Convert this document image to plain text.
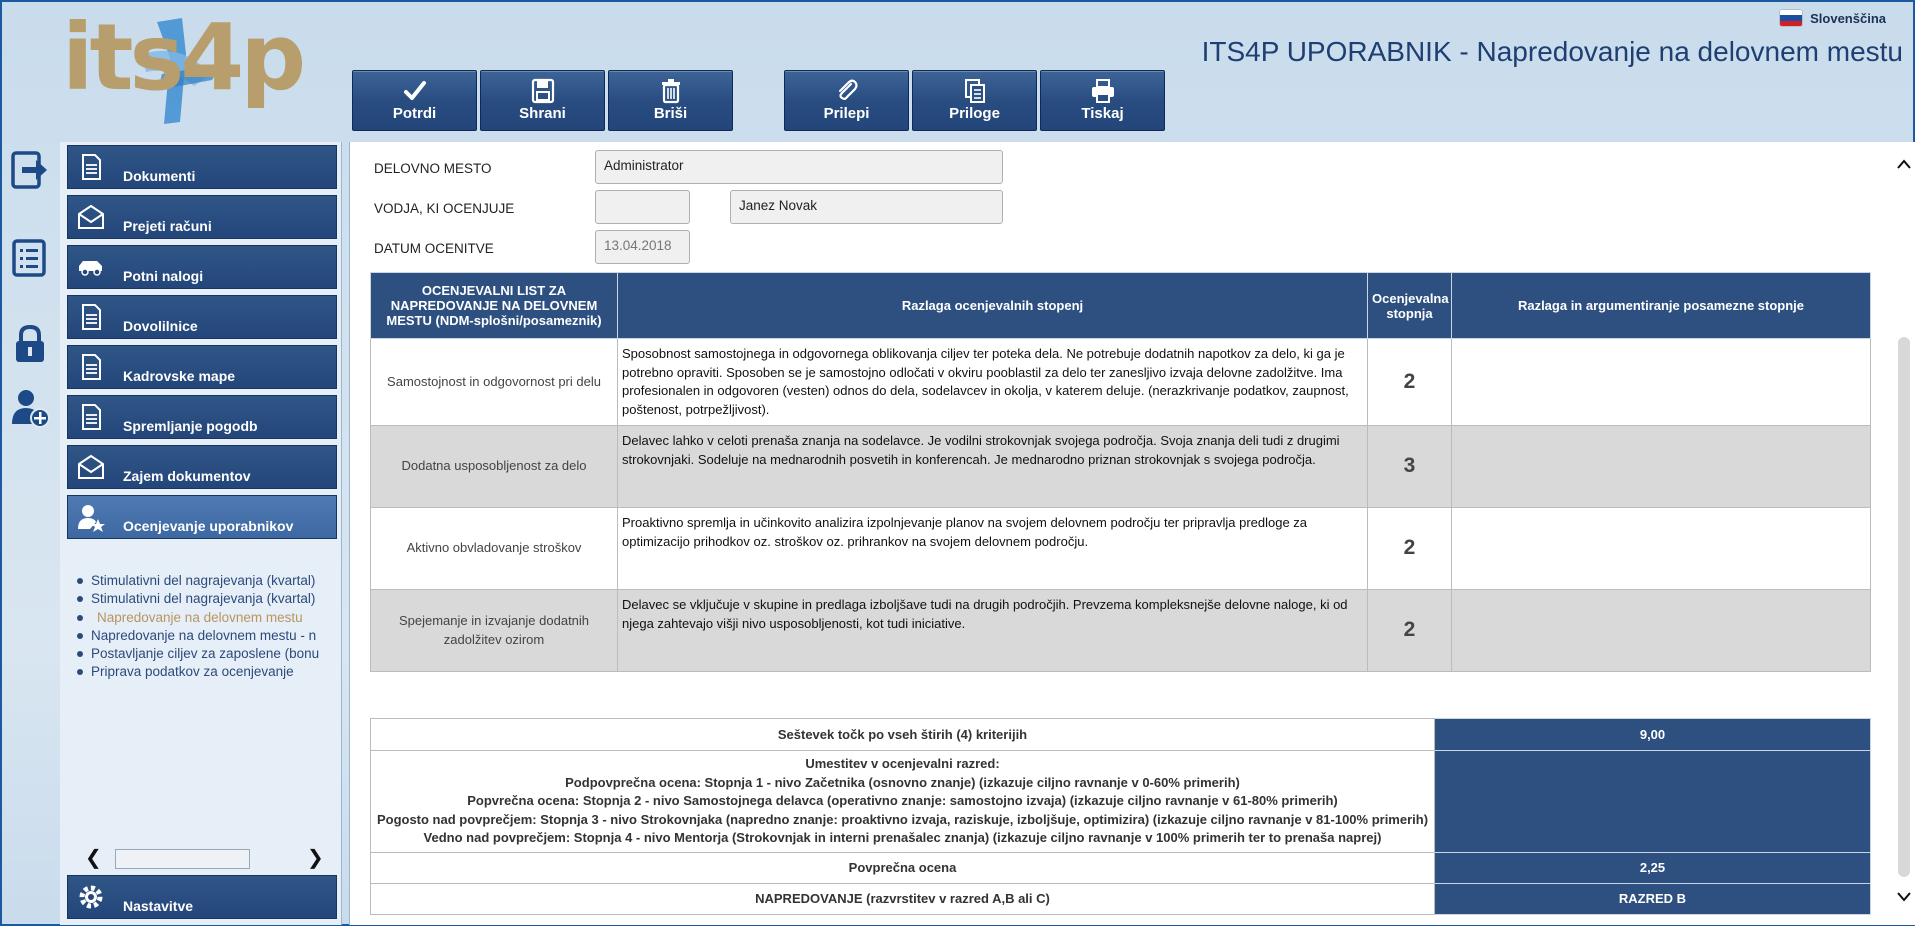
its4p	Slovenščina
ITS4P UPORABNIK - Napredovanje na delovnem mestu
Potrdi	Shrani	Briši	Prilepi	Priloge	Tiskaj
Dokumenti
Prejeti računi
Potni nalogi
Dovolilnice
Kadrovske mape
Spremljanje pogodb
Zajem dokumentov
Ocenjevanje uporabnikov
Stimulativni del nagrajevanja (kvartal)
Stimulativni del nagrajevanja (kvartal)
Napredovanje na delovnem mestu
Napredovanje na delovnem mestu - n
Postavljanje ciljev za zaposlene (bonu
Priprava podatkov za ocenjevanje
❮	❯
Nastavitve
DELOVNO MESTO	Administrator
VODJA, KI OCENJUJE	Janez Novak
DATUM OCENITVE	13.04.2018
OCENJEVALNI LIST ZA NAPREDOVANJE NA DELOVNEM MESTU (NDM-splošni/posameznik)	Razlaga ocenjevalnih stopenj	Ocenjevalna stopnja	Razlaga in argumentiranje posamezne stopnje
Samostojnost in odgovornost pri delu	Sposobnost samostojnega in odgovornega oblikovanja ciljev ter poteka dela. Ne potrebuje dodatnih napotkov za delo, ki ga je potrebno opraviti. Sposoben se je samostojno odločati v okviru pooblastil za delo ter zanesljivo izvaja delovne zadolžitve. Ima profesionalen in odgovoren (vesten) odnos do dela, sodelavcev in okolja, v katerem deluje. (nerazkrivanje podatkov, zaupnost, poštenost, potrpežljivost).	2	
Dodatna usposobljenost za delo	Delavec lahko v celoti prenaša znanja na sodelavce. Je vodilni strokovnjak svojega področja. Svoja znanja deli tudi z drugimi strokovnjaki. Sodeluje na mednarodnih posvetih in konferencah. Je mednarodno priznan strokovnjak s svojega področja.	3	
Aktivno obvladovanje stroškov	Proaktivno spremlja in učinkovito analizira izpolnjevanje planov na svojem delovnem področju ter pripravlja predloge za optimizacijo prihodkov oz. stroškov oz. prihrankov na svojem delovnem področju.	2	
Spejemanje in izvajanje dodatnih zadolžitev ozirom	Delavec se vključuje v skupine in predlaga izboljšave tudi na drugih področjih. Prevzema kompleksnejše delovne naloge, ki od njega zahtevajo višji nivo usposobljenosti, kot tudi iniciative.	2	
Seštevek točk po vseh štirih (4) kriterijih	9,00

Umestitev v ocenjevalni razred:
Podpovprečna ocena: Stopnja 1 - nivo Začetnika (osnovno znanje) (izkazuje ciljno ravnanje v 0-60% primerih)
Popvrečna ocena: Stopnja 2 - nivo Samostojnega delavca (operativno znanje: samostojno izvaja) (izkazuje ciljno ravnanje v 61-80% primerih)
Pogosto nad povprečjem: Stopnja 3 - nivo Strokovnjaka (napredno znanje: proaktivno izvaja, raziskuje, izboljšuje, optimizira) (izkazuje ciljno ravnanje v 81-100% primerih)
Vedno nad povprečjem: Stopnja 4 - nivo Mentorja (Strokovnjak in interni prenašalec znanja) (izkazuje ciljno ravnanje v 100% primerih ter to prenaša naprej)	

Povprečna ocena	2,25
NAPREDOVANJE (razvrstitev v razred A,B ali C)	RAZRED B
